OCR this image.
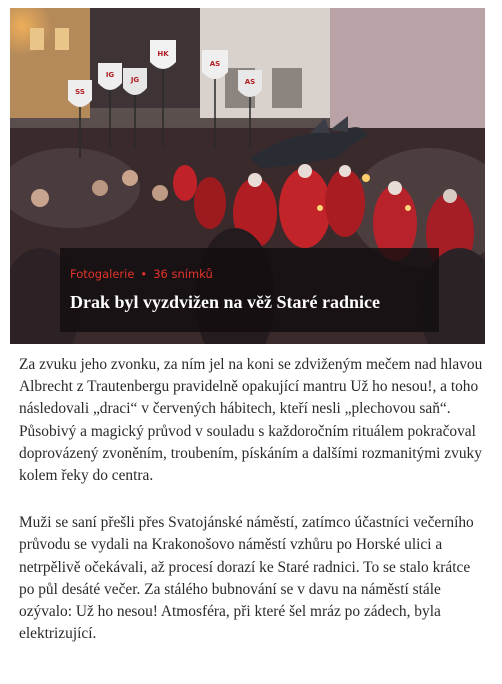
SS
IG
JG
HK
AS
AS
Fotogalerie • 36 snímků
Drak byl vyzdvižen na věž Staré radnice

Za zvuku jeho zvonku, za ním jel na koni se zdviženým mečem nad hlavou Albrecht z Trautenbergu pravidelně opakující mantru Už ho nesou!, a toho následovali „draci“ v červených hábitech, kteří nesli „plechovou saň“. Působivý a magický průvod v souladu s každoročním rituálem pokračoval doprovázený zvoněním, troubením, pískáním a dalšími rozmanitými zvuky kolem řeky do centra.

Muži se saní přešli přes Svatojánské náměstí, zatímco účastníci večerního průvodu se vydali na Krakonošovo náměstí vzhůru po Horské ulici a netrpělivě očekávali, až procesí dorazí ke Staré radnici. To se stalo krátce po půl desáté večer. Za stálého bubnování se v davu na náměstí stále ozývalo: Už ho nesou! Atmosféra, při které šel mráz po zádech, byla elektrizující.
